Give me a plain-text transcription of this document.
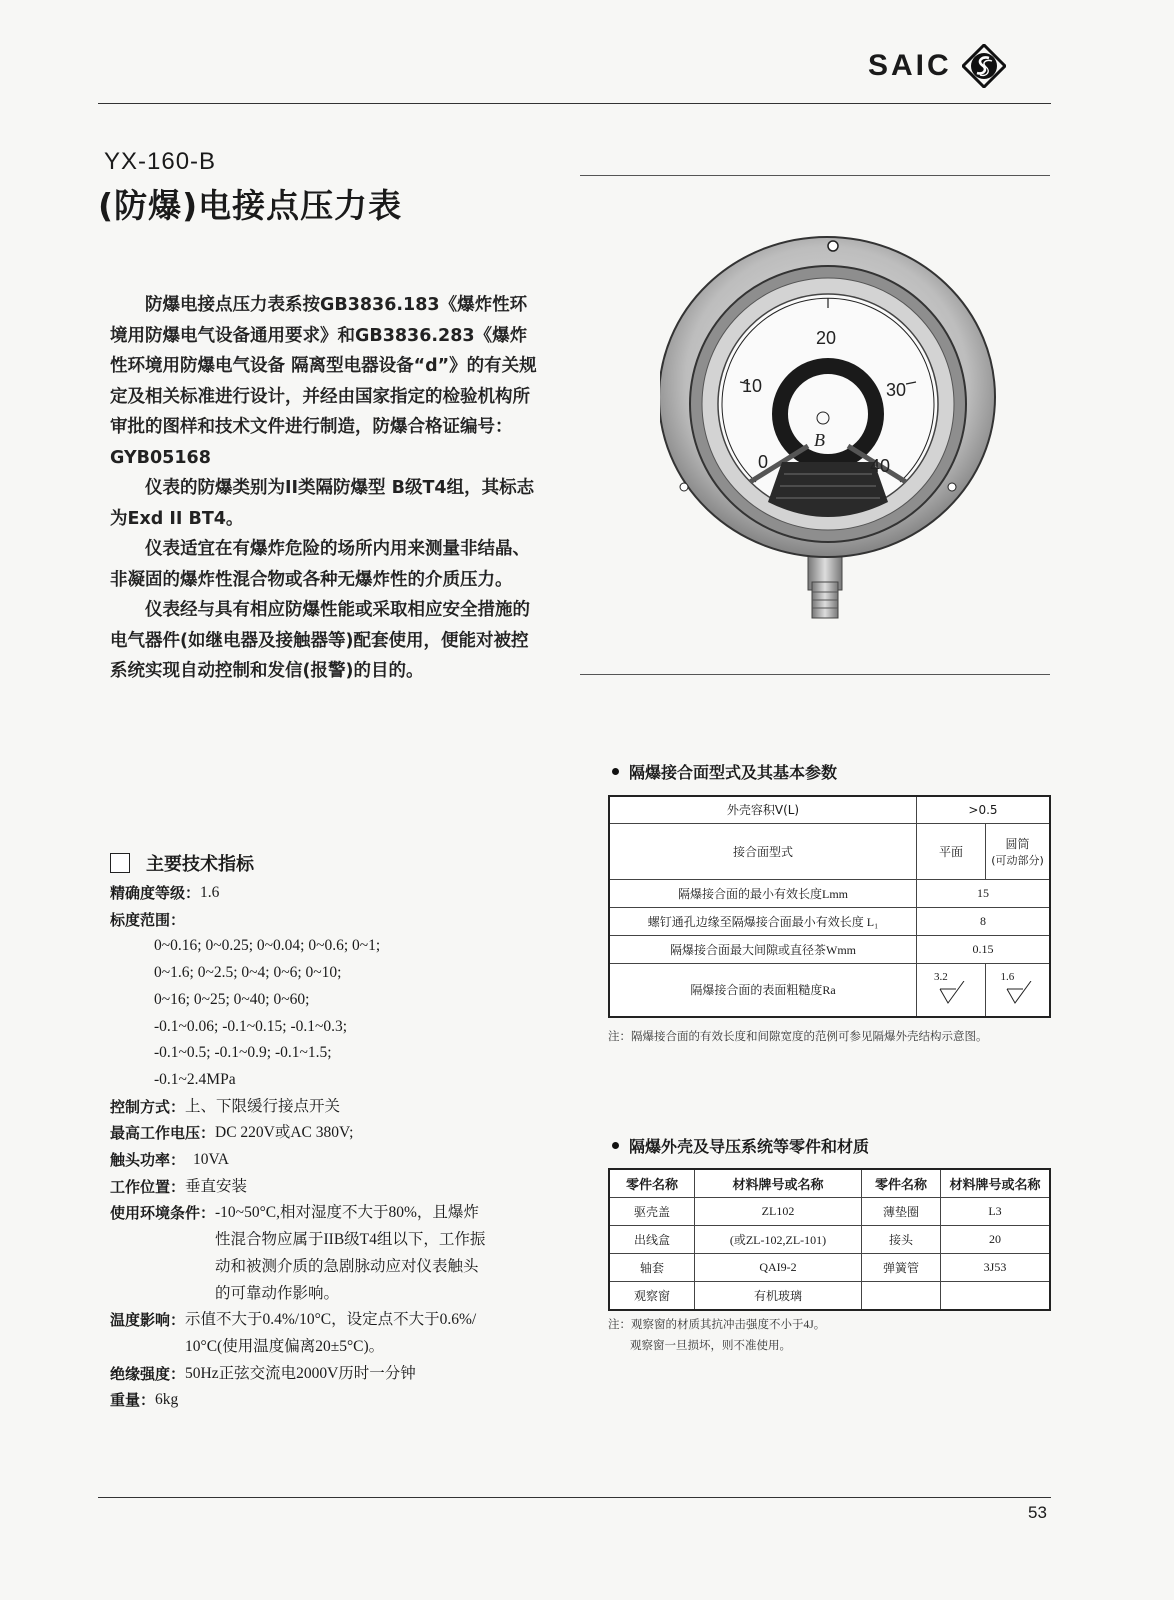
SAIC
YX-160-B
(防爆)电接点压力表

防爆电接点压力表系按GB3836.183《爆炸性环境用防爆电气设备通用要求》和GB3836.283《爆炸性环境用防爆电气设备 隔离型电器设备“d”》的有关规定及相关标准进行设计，并经由国家指定的检验机构所审批的图样和技术文件进行制造，防爆合格证编号：GYB05168

仪表的防爆类别为II类隔防爆型 B级T4组，其标志为Exd II BT4。

仪表适宜在有爆炸危险的场所内用来测量非结晶、非凝固的爆炸性混合物或各种无爆炸性的介质压力。

仪表经与具有相应防爆性能或采取相应安全措施的电气器件(如继电器及接触器等)配套使用，便能对被控系统实现自动控制和发信(报警)的目的。

主要技术指标
精确度等级： 1.6
标度范围：
0~0.16; 0~0.25; 0~0.04; 0~0.6; 0~1;
0~1.6; 0~2.5; 0~4; 0~6; 0~10;
0~16; 0~25; 0~40; 0~60;
-0.1~0.06; -0.1~0.15; -0.1~0.3;
-0.1~0.5; -0.1~0.9; -0.1~1.5;
-0.1~2.4MPa
控制方式： 上、下限缓行接点开关
最高工作电压： DC 220V或AC 380V;
触头功率： 10VA
工作位置： 垂直安装
使用环境条件： -10~50°C,相对湿度不大于80%，且爆炸
性混合物应属于IIB级T4组以下，工作振
动和被测介质的急剧脉动应对仪表触头
的可靠动作影响。
温度影响： 示值不大于0.4%/10°C，设定点不大于0.6%/
10°C(使用温度偏离20±5°C)。
绝缘强度： 50Hz正弦交流电2000V历时一分钟
重量： 6kg
0
10
20
30
40
B
隔爆接合面型式及其基本参数
外壳容积V(L)	>0.5	
接合面型式	平面	圆筒
(可动部分)

隔爆接合面的最小有效长度Lmm	15	
螺钉通孔边缘至隔爆接合面最小有效长度 L₁	8	
隔爆接合面最大间隙或直径茶Wmm	0.15	
隔爆接合面的表面粗糙度Ra	3.2	1.6
注：隔爆接合面的有效长度和间隙宽度的范例可参见隔爆外壳结构示意图。
隔爆外壳及导压系统等零件和材质
零件名称	材料牌号或名称	零件名称	材料牌号或名称
驱壳盖	ZL102	薄垫圈	L3
出线盒	(或ZL-102,ZL-101)	接头	20
轴套	QAI9-2	弹簧管	3J53
观察窗	有机玻璃		
注：观察窗的材质其抗冲击强度不小于4J。
观察窗一旦损坏，则不准使用。
53
